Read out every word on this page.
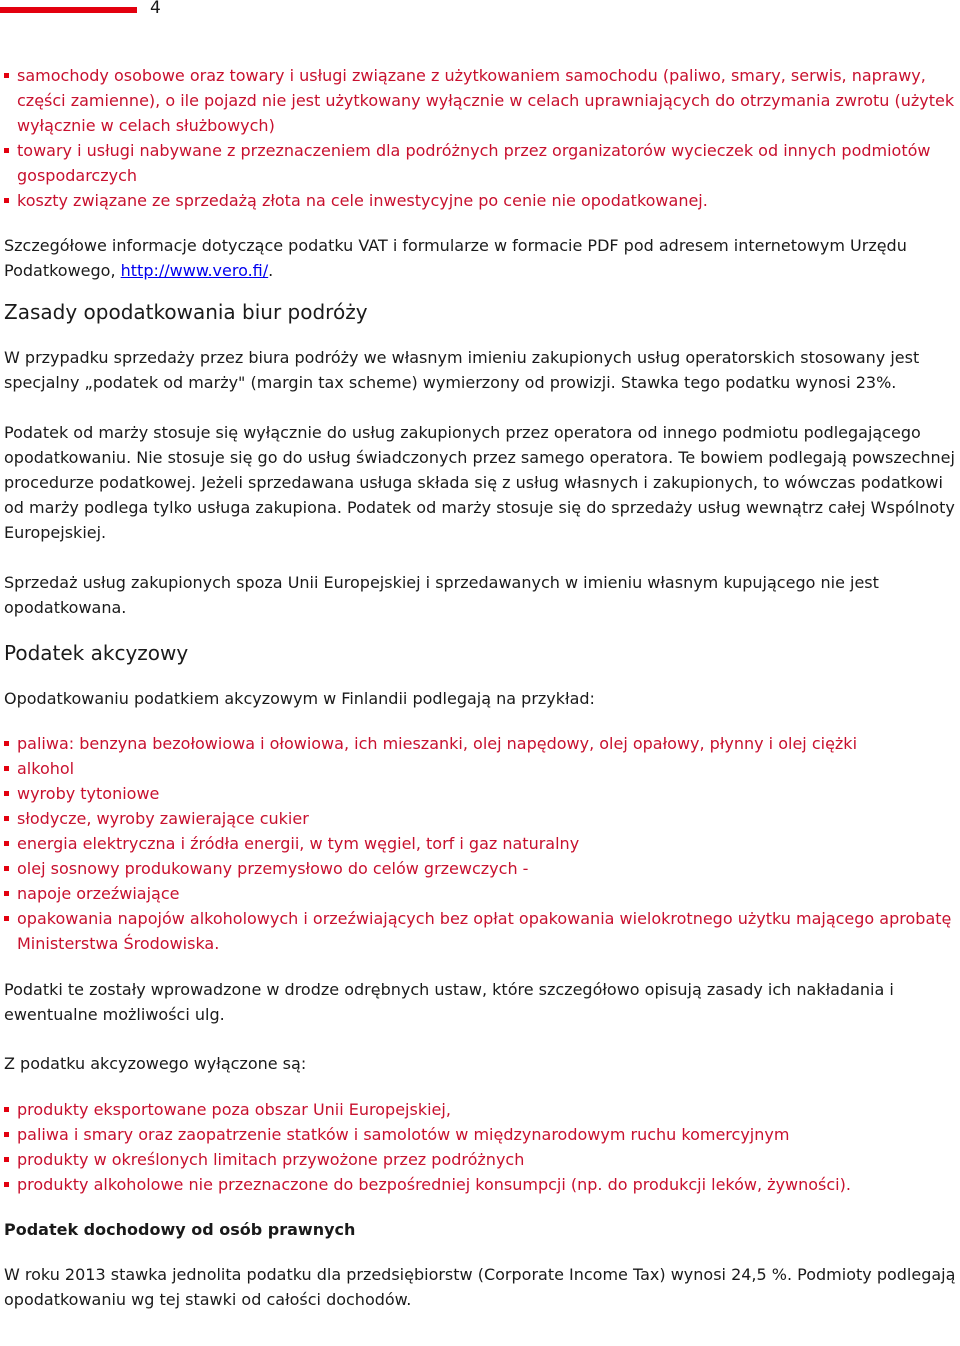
4
samochody osobowe oraz towary i usługi związane z użytkowaniem samochodu (paliwo, smary, serwis, naprawy, części zamienne), o ile pojazd nie jest użytkowany wyłącznie w celach uprawniających do otrzymania zwrotu (użytek wyłącznie w celach służbowych)
towary i usługi nabywane z przeznaczeniem dla podróżnych przez organizatorów wycieczek od innych podmiotów gospodarczych
koszty związane ze sprzedażą złota na cele inwestycyjne po cenie nie opodatkowanej.

Szczegółowe informacje dotyczące podatku VAT i formularze w formacie PDF pod adresem internetowym Urzędu Podatkowego, http://www.vero.fi/.

Zasady opodatkowania biur podróży

W przypadku sprzedaży przez biura podróży we własnym imieniu zakupionych usług operatorskich stosowany jest specjalny „podatek od marży" (margin tax scheme) wymierzony od prowizji. Stawka tego podatku wynosi 23%.

Podatek od marży stosuje się wyłącznie do usług zakupionych przez operatora od innego podmiotu podlegającego opodatkowaniu. Nie stosuje się go do usług świadczonych przez samego operatora. Te bowiem podlegają powszechnej procedurze podatkowej. Jeżeli sprzedawana usługa składa się z usług własnych i zakupionych, to wówczas podatkowi od marży podlega tylko usługa zakupiona. Podatek od marży stosuje się do sprzedaży usług wewnątrz całej Wspólnoty Europejskiej.

Sprzedaż usług zakupionych spoza Unii Europejskiej i sprzedawanych w imieniu własnym kupującego nie jest opodatkowana.

Podatek akcyzowy

Opodatkowaniu podatkiem akcyzowym w Finlandii podlegają na przykład:

paliwa: benzyna bezołowiowa i ołowiowa, ich mieszanki, olej napędowy, olej opałowy, płynny i olej ciężki
alkohol
wyroby tytoniowe
słodycze, wyroby zawierające cukier
energia elektryczna i źródła energii, w tym węgiel, torf i gaz naturalny
olej sosnowy produkowany przemysłowo do celów grzewczych -
napoje orzeźwiające
opakowania napojów alkoholowych i orzeźwiających bez opłat opakowania wielokrotnego użytku mającego aprobatę Ministerstwa Środowiska.

Podatki te zostały wprowadzone w drodze odrębnych ustaw, które szczegółowo opisują zasady ich nakładania i ewentualne możliwości ulg.

Z podatku akcyzowego wyłączone są:

produkty eksportowane poza obszar Unii Europejskiej,
paliwa i smary oraz zaopatrzenie statków i samolotów w międzynarodowym ruchu komercyjnym
produkty w określonych limitach przywożone przez podróżnych
produkty alkoholowe nie przeznaczone do bezpośredniej konsumpcji (np. do produkcji leków, żywności).
Podatek dochodowy od osób prawnych

W roku 2013 stawka jednolita podatku dla przedsiębiorstw (Corporate Income Tax) wynosi 24,5 %. Podmioty podlegają opodatkowaniu wg tej stawki od całości dochodów.
